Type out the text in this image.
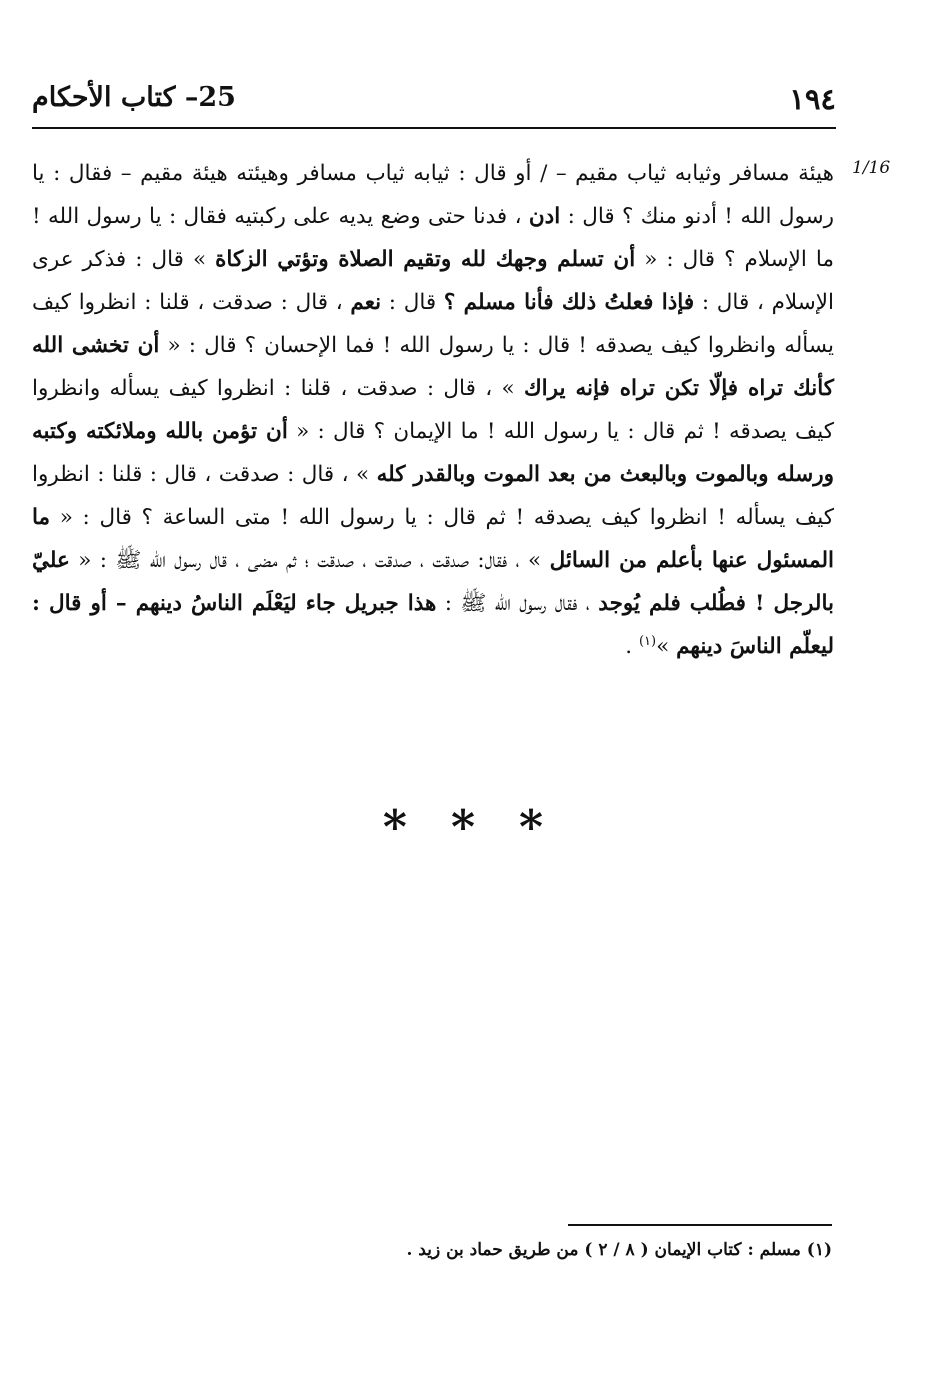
25– كتاب الأحكام	١٩٤
1/16

هيئة مسافر وثيابه ثياب مقيم – / أو قال : ثيابه ثياب مسافر وهيئته هيئة مقيم – فقال : يا رسول الله ! أدنو منك ؟ قال : ادن ، فدنا حتى وضع يديه على ركبتيه فقال : يا رسول الله ! ما الإسلام ؟ قال : « أن تسلم وجهك لله وتقيم الصلاة وتؤتي الزكاة » قال : فذكر عرى الإسلام ، قال : فإذا فعلتُ ذلك فأنا مسلم ؟ قال : نعم ، قال : صدقت ، قلنا : انظروا كيف يسأله وانظروا كيف يصدقه ! قال : يا رسول الله ! فما الإحسان ؟ قال : « أن تخشى الله كأنك تراه فإلّا تكن تراه فإنه يراك » ، قال : صدقت ، قلنا : انظروا كيف يسأله وانظروا كيف يصدقه ! ثم قال : يا رسول الله ! ما الإيمان ؟ قال : « أن تؤمن بالله وملائكته وكتبه ورسله وبالموت وبالبعث من بعد الموت وبالقدر كله » ، قال : صدقت ، قال : قلنا : انظروا كيف يسأله ! انظروا كيف يصدقه ! ثم قال : يا رسول الله ! متى الساعة ؟ قال : « ما المسئول عنها بأعلم من السائل » ، فقال: صدقت ، صدقت ، صدقت ؛ ثم مضى ، قال رسول الله ﷺ : « عليّ بالرجل ! فطُلب فلم يُوجد ، فقال رسول الله ﷺ : هذا جبريل جاء ليَعْلَم الناسُ دينهم – أو قال : ليعلّم الناسَ دينهم »$^{(١)}$ .

* * *

(١) مسلم : كتاب الإيمان ( ٨ / ٢ ) من طريق حماد بن زيد .
